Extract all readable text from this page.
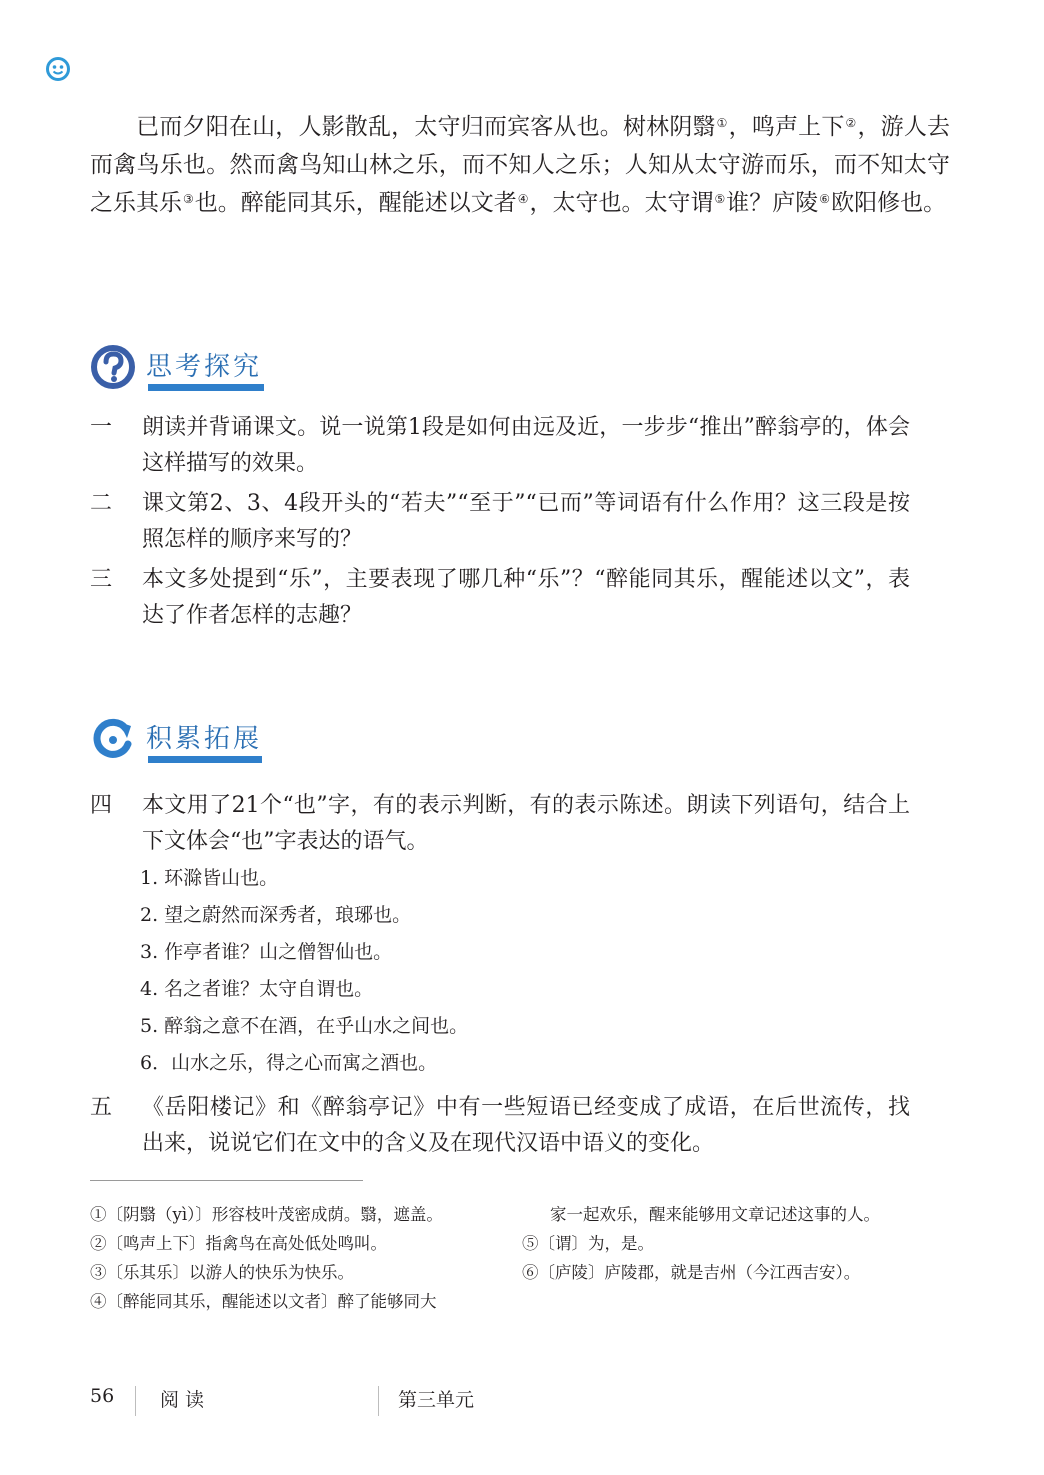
已而夕阳在山，人影散乱，太守归而宾客从也。树林阴翳①，鸣声上下②，游人去而禽鸟乐也。然而禽鸟知山林之乐，而不知人之乐；人知从太守游而乐，而不知太守之乐其乐③也。醉能同其乐，醒能述以文者④，太守也。太守谓⑤谁？庐陵⑥欧阳修也。

思考探究
一 朗读并背诵课文。说一说第1段是如何由远及近，一步步“推出”醉翁亭的，体会这样描写的效果。
二 课文第2、3、4段开头的“若夫”“至于”“已而”等词语有什么作用？这三段是按照怎样的顺序来写的？
三 本文多处提到“乐”，主要表现了哪几种“乐”？“醉能同其乐，醒能述以文”，表达了作者怎样的志趣？
积累拓展
四 本文用了21个“也”字，有的表示判断，有的表示陈述。朗读下列语句，结合上下文体会“也”字表达的语气。
1. 环滁皆山也。
2. 望之蔚然而深秀者，琅琊也。
3. 作亭者谁？山之僧智仙也。
4. 名之者谁？太守自谓也。
5. 醉翁之意不在酒，在乎山水之间也。
6．山水之乐，得之心而寓之酒也。
五 《岳阳楼记》和《醉翁亭记》中有一些短语已经变成了成语，在后世流传，找出来，说说它们在文中的含义及在现代汉语中语义的变化。
①〔阴翳（yì）〕形容枝叶茂密成荫。翳，遮盖。
②〔鸣声上下〕指禽鸟在高处低处鸣叫。
③〔乐其乐〕以游人的快乐为快乐。
④〔醉能同其乐，醒能述以文者〕醉了能够同大
家一起欢乐，醒来能够用文章记述这事的人。
⑤〔谓〕为，是。
⑥〔庐陵〕庐陵郡，就是吉州（今江西吉安）。
56 阅 读	第三单元
